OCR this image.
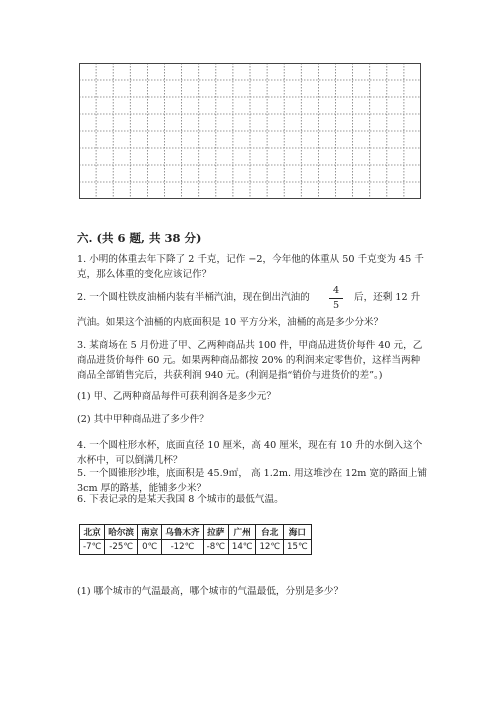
六. (共 6 题, 共 38 分)

1. 小明的体重去年下降了 2 千克，记作 −2，今年他的体重从 50 千克变为 45 千克，那么体重的变化应该记作？

2. 一个圆柱铁皮油桶内装有半桶汽油，现在倒出汽油的

4
5

后，还剩 12 升

汽油。如果这个油桶的内底面积是 10 平方分米，油桶的高是多少分米？

3. 某商场在 5 月份进了甲、乙两种商品共 100 件，甲商品进货价每件 40 元，乙商品进货价每件 60 元。如果两种商品都按 20% 的利润来定零售价，这样当两种商品全部销售完后，共获利润 940 元。(利润是指“销价与进货价的差”。)

(1) 甲、乙两种商品每件可获利润各是多少元？

(2) 其中甲种商品进了多少件？

4. 一个圆柱形水杯，底面直径 10 厘米，高 40 厘米，现在有 10 升的水倒入这个水杯中，可以倒满几杯？

5. 一个圆锥形沙堆，底面积是 45.9㎡， 高 1.2m. 用这堆沙在 12m 宽的路面上铺 3cm 厚的路基，能铺多少米？

6. 下表记录的是某天我国 8 个城市的最低气温。

北京	哈尔滨	南京	乌鲁木齐	拉萨	广州	台北	海口
-7℃	-25℃	0℃	-12℃	-8℃	14℃	12℃	15℃

(1) 哪个城市的气温最高，哪个城市的气温最低，分别是多少？
